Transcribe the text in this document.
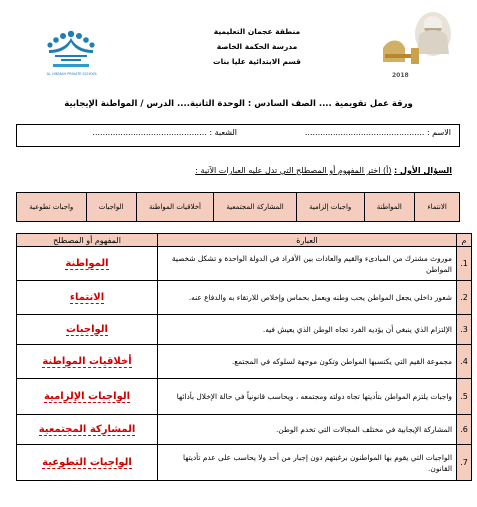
منطقة عجمان التعليمية
مدرسة الحكمة الخاصة
قسم الابتدائية عليا بنات
AL HIKMAH PRIVATE SCHOOL	2018
ورقة عمل تقويمية .... الصف السادس : الوحدة الثانية.... الدرس / المواطنة الإيجابية
الاسم : ...............................................
الشعبة : .............................................
السؤال الأول : (أ) اختر المفهوم أو المصطلح التي تدل عليه العبارات الآتية :
الانتماء
المواطنة
واجبات إلزامية
المشاركة المجتمعية
أخلاقيات المواطنة
الواجبات
واجبات تطوعية
م	العبارة	المفهوم أو المصطلح
1.	موروث مشترك من المبادىء والقيم والعادات بين الأفراد في الدولة الواحدة و تشكل شخصية المواطن	المواطنة
2.	شعور داخلي يجعل المواطن يحب وطنه ويعمل بحماس وإخلاص للارتقاء به والدفاع عنه.	الانتماء
3.	الإلتزام الذي ينبغي أن يؤديه الفرد تجاه الوطن الذي يعيش فيه.	الواجبات
4.	مجموعة القيم التي يكتسبها المواطن وتكون موجهة لسلوكه في المجتمع.	أخلاقيات المواطنة
5.	واجبات يلتزم المواطن بتأديتها تجاه دولته ومجتمعه ، ويحاسب قانونياً في حالة الإخلال بأدائها	الواجبات الإلزامية
6.	المشاركة الإيجابية في مختلف المجالات التي تخدم الوطن.	المشاركة المجتمعية
7.	الواجبات التي يقوم بها المواطنون برغبتهم دون إجبار من أحد ولا يحاسب على عدم تأديتها القانون.	الواجبات التطوعية
